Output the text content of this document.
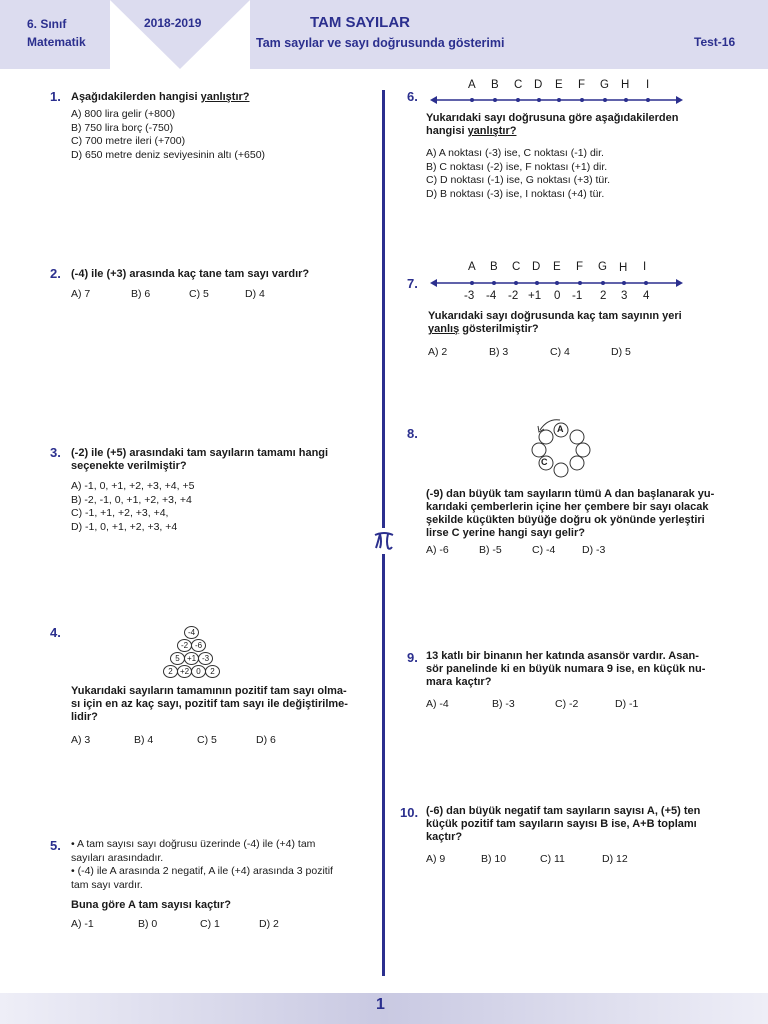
6. Sınıf
Matematik
2018-2019	TAM SAYILAR
Tam sayılar ve sayı doğrusunda gösterimi	Test-16
1. Aşağıdakilerden hangisi yanlıştır?
A) 800 lira gelir (+800)
B) 750 lira borç (-750)
C) 700 metre ileri (+700)
D) 650 metre deniz seviyesinin altı (+650)
2. (-4) ile (+3) arasında kaç tane tam sayı vardır?
A) 7	B) 6	C) 5	D) 4
3. (-2) ile (+5) arasındaki tam sayıların tamamı hangi
seçenekte verilmiştir?
A) -1, 0, +1, +2, +3, +4, +5
B) -2, -1, 0, +1, +2, +3, +4
C) -1, +1, +2, +3, +4,
D) -1, 0, +1, +2, +3, +4
4.	-4
-2 -6
5 +1 -3
2 +2 0	2
Yukarıdaki sayıların tamamının pozitif tam sayı olma-
sı için en az kaç sayı, pozitif tam sayı ile değiştirilme-
lidir?
A) 3	B) 4	C) 5	D) 6
5. • A tam sayısı sayı doğrusu üzerinde (-4) ile (+4) tam
sayıları arasındadır.
• (-4) ile A arasında 2 negatif, A ile (+4) arasında 3 pozitif
tam sayı vardır.
Buna göre A tam sayısı kaçtır?
A) -1	B) 0	C) 1	D) 2
6.
A B C D E F G H I
Yukarıdaki sayı doğrusuna göre aşağıdakilerden
hangisi yanlıştır?
A) A noktası (-3) ise, C noktası (-1) dir.
B) C noktası (-2) ise, F noktası (+1) dir.
C) D noktası (-1) ise, G noktası (+3) tür.
D) B noktası (-3) ise, I noktası (+4) tür.
7.
A B C D E F G H I
-3 -4 -2 +1 0 -1 2 3 4
Yukarıdaki sayı doğrusunda kaç tam sayının yeri
yanlış gösterilmiştir?
A) 2	B) 3	C) 4	D) 5
8.	A
C
(-9) dan büyük tam sayıların tümü A dan başlanarak yu-
karıdaki çemberlerin içine her çembere bir sayı olacak
şekilde küçükten büyüğe doğru ok yönünde yerleştiri
lirse C yerine hangi sayı gelir?
A) -6	B) -5	C) -4	D) -3
9. 13 katlı bir binanın her katında asansör vardır. Asan-
sör panelinde ki en büyük numara 9 ise, en küçük nu-
mara kaçtır?
A) -4	B) -3	C) -2	D) -1
10. (-6) dan büyük negatif tam sayıların sayısı A, (+5) ten
küçük pozitif tam sayıların sayısı B ise, A+B toplamı
kaçtır?
A) 9	B) 10	C) 11	D) 12
1
